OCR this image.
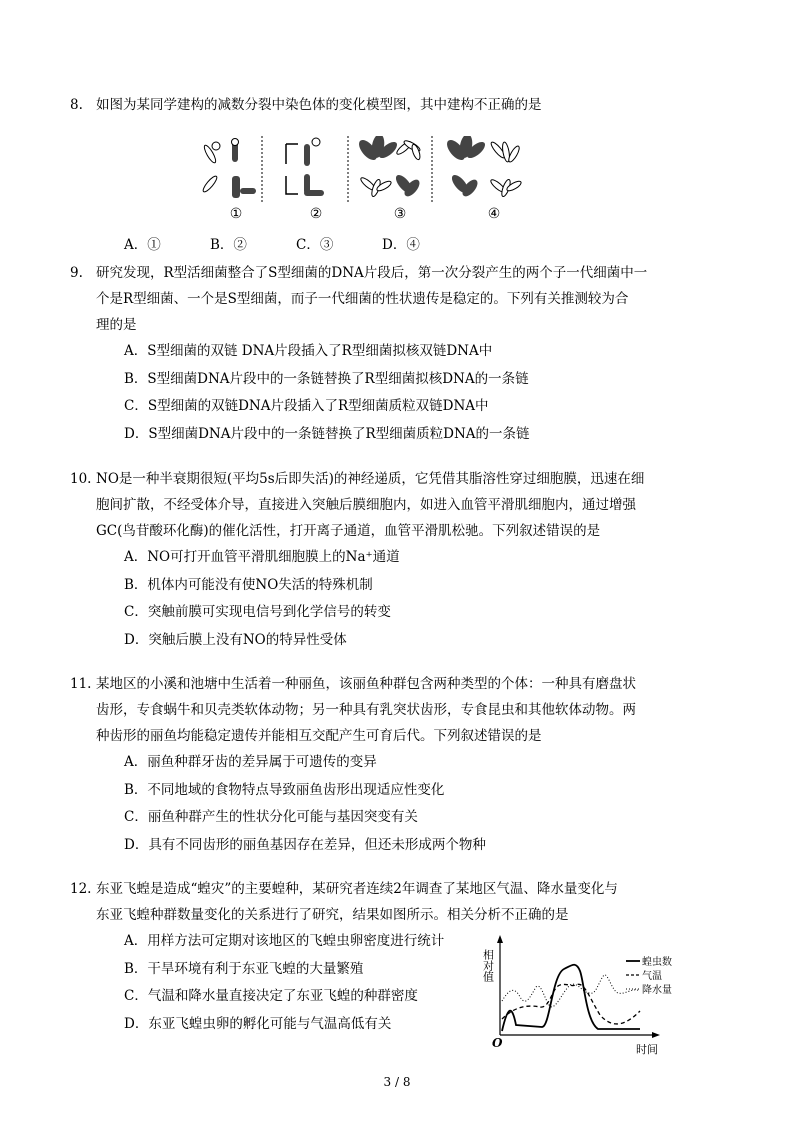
8. 如图为某同学建构的减数分裂中染色体的变化模型图，其中建构不正确的是
①	②	③	④
A．①	B．②	C．③	D．④
9. 研究发现，R型活细菌整合了S型细菌的DNA片段后，第一次分裂产生的两个子一代细菌中一
个是R型细菌、一个是S型细菌，而子一代细菌的性状遗传是稳定的。下列有关推测较为合
理的是
A．S型细菌的双链 DNA片段插入了R型细菌拟核双链DNA中
B．S型细菌DNA片段中的一条链替换了R型细菌拟核DNA的一条链
C．S型细菌的双链DNA片段插入了R型细菌质粒双链DNA中
D．S型细菌DNA片段中的一条链替换了R型细菌质粒DNA的一条链
10. NO是一种半衰期很短(平均5s后即失活)的神经递质，它凭借其脂溶性穿过细胞膜，迅速在细
胞间扩散，不经受体介导，直接进入突触后膜细胞内，如进入血管平滑肌细胞内，通过增强
GC(鸟苷酸环化酶)的催化活性，打开离子通道，血管平滑肌松驰。下列叙述错误的是
A．NO可打开血管平滑肌细胞膜上的Na⁺通道
B．机体内可能没有使NO失活的特殊机制
C．突触前膜可实现电信号到化学信号的转变
D．突触后膜上没有NO的特异性受体
11. 某地区的小溪和池塘中生活着一种丽鱼，该丽鱼种群包含两种类型的个体：一种具有磨盘状
齿形，专食蜗牛和贝壳类软体动物；另一种具有乳突状齿形，专食昆虫和其他软体动物。两
种齿形的丽鱼均能稳定遗传并能相互交配产生可育后代。下列叙述错误的是
A．丽鱼种群牙齿的差异属于可遗传的变异
B．不同地域的食物特点导致丽鱼齿形出现适应性变化
C．丽鱼种群产生的性状分化可能与基因突变有关
D．具有不同齿形的丽鱼基因存在差异，但还未形成两个物种
12. 东亚飞蝗是造成“蝗灾”的主要蝗种，某研究者连续2年调查了某地区气温、降水量变化与
东亚飞蝗种群数量变化的关系进行了研究，结果如图所示。相关分析不正确的是
A．用样方法可定期对该地区的飞蝗虫卵密度进行统计
B．干旱环境有利于东亚飞蝗的大量繁殖
C．气温和降水量直接决定了东亚飞蝗的种群密度
D．东亚飞蝗虫卵的孵化可能与气温高低有关
相对值
O	时间
蝗虫数
气温
降水量
3 / 8
